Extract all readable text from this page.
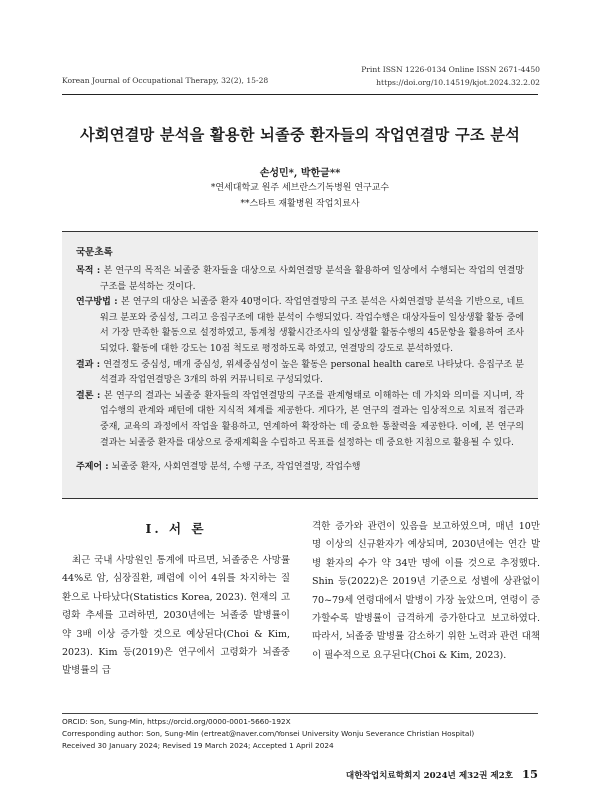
Print ISSN 1226-0134 Online ISSN 2671-4450
https://doi.org/10.14519/kjot.2024.32.2.02
Korean Journal of Occupational Therapy, 32(2), 15-28
사회연결망 분석을 활용한 뇌졸중 환자들의 작업연결망 구조 분석
손성민*, 박한글**
*연세대학교 원주 세브란스기독병원 연구교수
**스타트 재활병원 작업치료사
국문초록

목적 : 본 연구의 목적은 뇌졸중 환자들을 대상으로 사회연결망 분석을 활용하여 일상에서 수행되는 작업의 연결망 구조를 분석하는 것이다.

연구방법 : 본 연구의 대상은 뇌졸중 환자 40명이다. 작업연결망의 구조 분석은 사회연결망 분석을 기반으로, 네트워크 분포와 중심성, 그리고 응집구조에 대한 분석이 수행되었다. 작업수행은 대상자들이 일상생활 활동 중에서 가장 만족한 활동으로 설정하였고, 통계청 생활시간조사의 일상생활 활동수행의 45문항을 활용하여 조사되었다. 활동에 대한 강도는 10점 척도로 평정하도록 하였고, 연결망의 강도로 분석하였다.

결과 : 연결정도 중심성, 매개 중심성, 위세중심성이 높은 활동은 personal health care로 나타났다. 응집구조 분석결과 작업연결망은 3개의 하위 커뮤니티로 구성되었다.

결론 : 본 연구의 결과는 뇌졸중 환자들의 작업연결망의 구조를 관계형태로 이해하는 데 가치와 의미를 지니며, 작업수행의 관계와 패턴에 대한 지식적 체계를 제공한다. 게다가, 본 연구의 결과는 임상적으로 치료적 접근과 중재, 교육의 과정에서 작업을 활용하고, 연계하여 확장하는 데 중요한 통찰력을 제공한다. 이에, 본 연구의 결과는 뇌졸중 환자를 대상으로 중재계획을 수립하고 목표를 설정하는 데 중요한 지침으로 활용될 수 있다.

주제어 : 뇌졸중 환자, 사회연결망 분석, 수행 구조, 작업연결망, 작업수행
Ⅰ. 서 론
최근 국내 사망원인 통계에 따르면, 뇌졸중은 사망률 44%로 암, 심장질환, 폐렴에 이어 4위를 차지하는 질환으로 나타났다(Statistics Korea, 2023). 현재의 고령화 추세를 고려하면, 2030년에는 뇌졸중 발병률이 약 3배 이상 증가할 것으로 예상된다(Choi & Kim, 2023). Kim 등(2019)은 연구에서 고령화가 뇌졸중 발병률의 급
격한 증가와 관련이 있음을 보고하였으며, 매년 10만 명 이상의 신규환자가 예상되며, 2030년에는 연간 발병 환자의 수가 약 34만 명에 이를 것으로 추정했다. Shin 등(2022)은 2019년 기준으로 성별에 상관없이 70~79세 연령대에서 발병이 가장 높았으며, 연령이 증가할수록 발병률이 급격하게 증가한다고 보고하였다. 따라서, 뇌졸중 발병률 감소하기 위한 노력과 관련 대책이 필수적으로 요구된다(Choi & Kim, 2023).
ORCID: Son, Sung-Min, https://orcid.org/0000-0001-5660-192X
Corresponding author: Son, Sung-Min (ertreat@naver.com/Yonsei University Wonju Severance Christian Hospital)
Received 30 January 2024; Revised 19 March 2024; Accepted 1 April 2024
대한작업치료학회지 2024년 제32권 제2호 15
